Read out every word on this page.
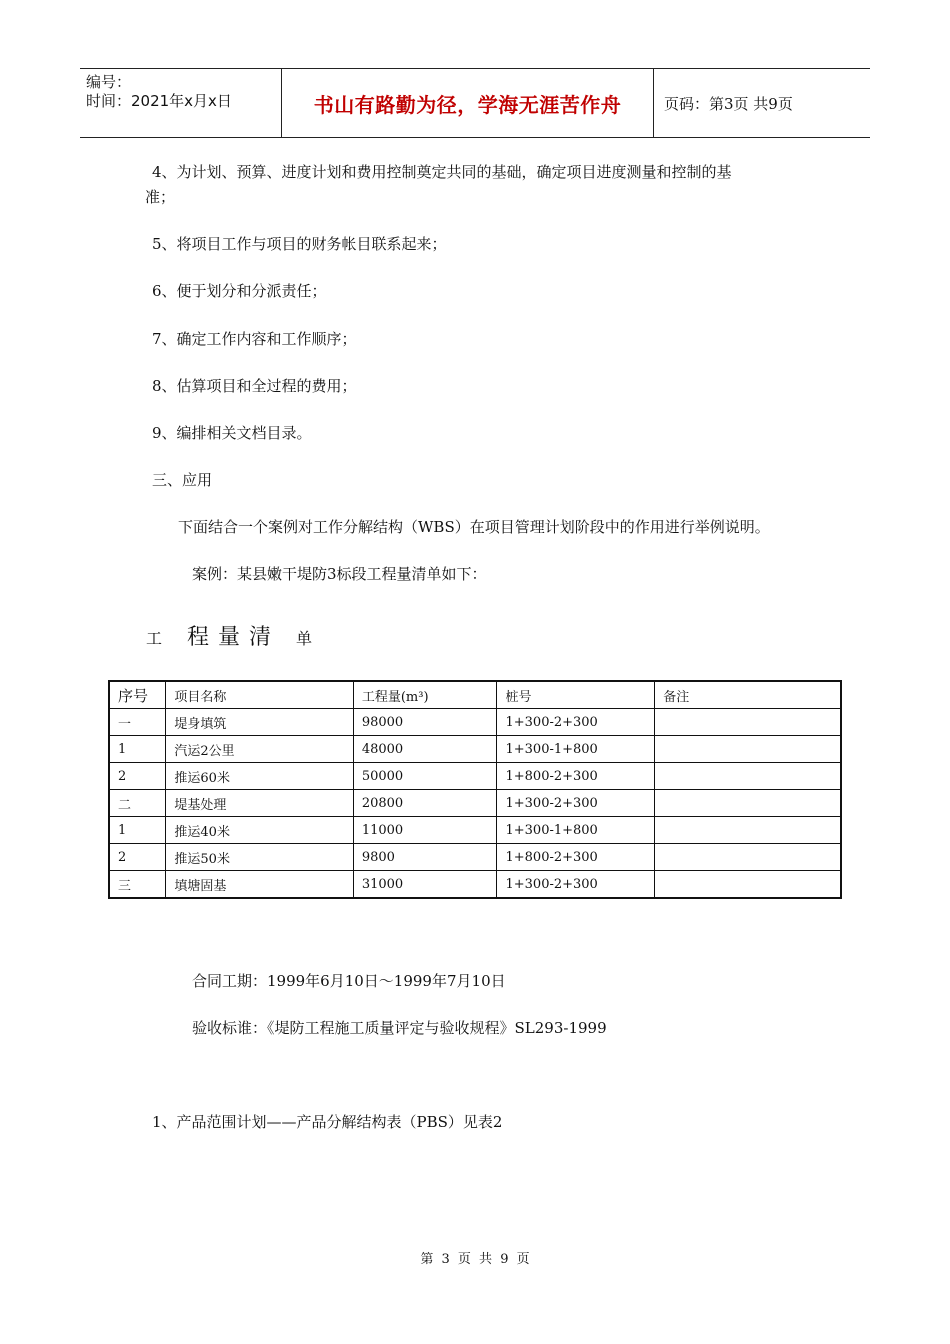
编号：
时间：2021年x月x日	书山有路勤为径，学海无涯苦作舟	页码：第3页 共9页
4、为计划、预算、进度计划和费用控制奠定共同的基础，确定项目进度测量和控制的基
准；
5、将项目工作与项目的财务帐目联系起来；
6、便于划分和分派责任；
7、确定工作内容和工作顺序；
8、估算项目和全过程的费用；
9、编排相关文档目录。
三、应用
下面结合一个案例对工作分解结构（WBS）在项目管理计划阶段中的作用进行举例说明。
案例：某县嫩干堤防3标段工程量清单如下：
工 程量清 单
序号	项目名称	工程量(m³)	桩号	备注
一	堤身填筑	98000	1+300-2+300	
1	汽运2公里	48000	1+300-1+800	
2	推运60米	50000	1+800-2+300	
二	堤基处理	20800	1+300-2+300	
1	推运40米	11000	1+300-1+800	
2	推运50米	9800	1+800-2+300	
三	填塘固基	31000	1+300-2+300	
合同工期：1999年6月10日～1999年7月10日
验收标谁：《堤防工程施工质量评定与验收规程》SL293-1999
1、产品范围计划——产品分解结构表（PBS）见表2
第 3 页 共 9 页
